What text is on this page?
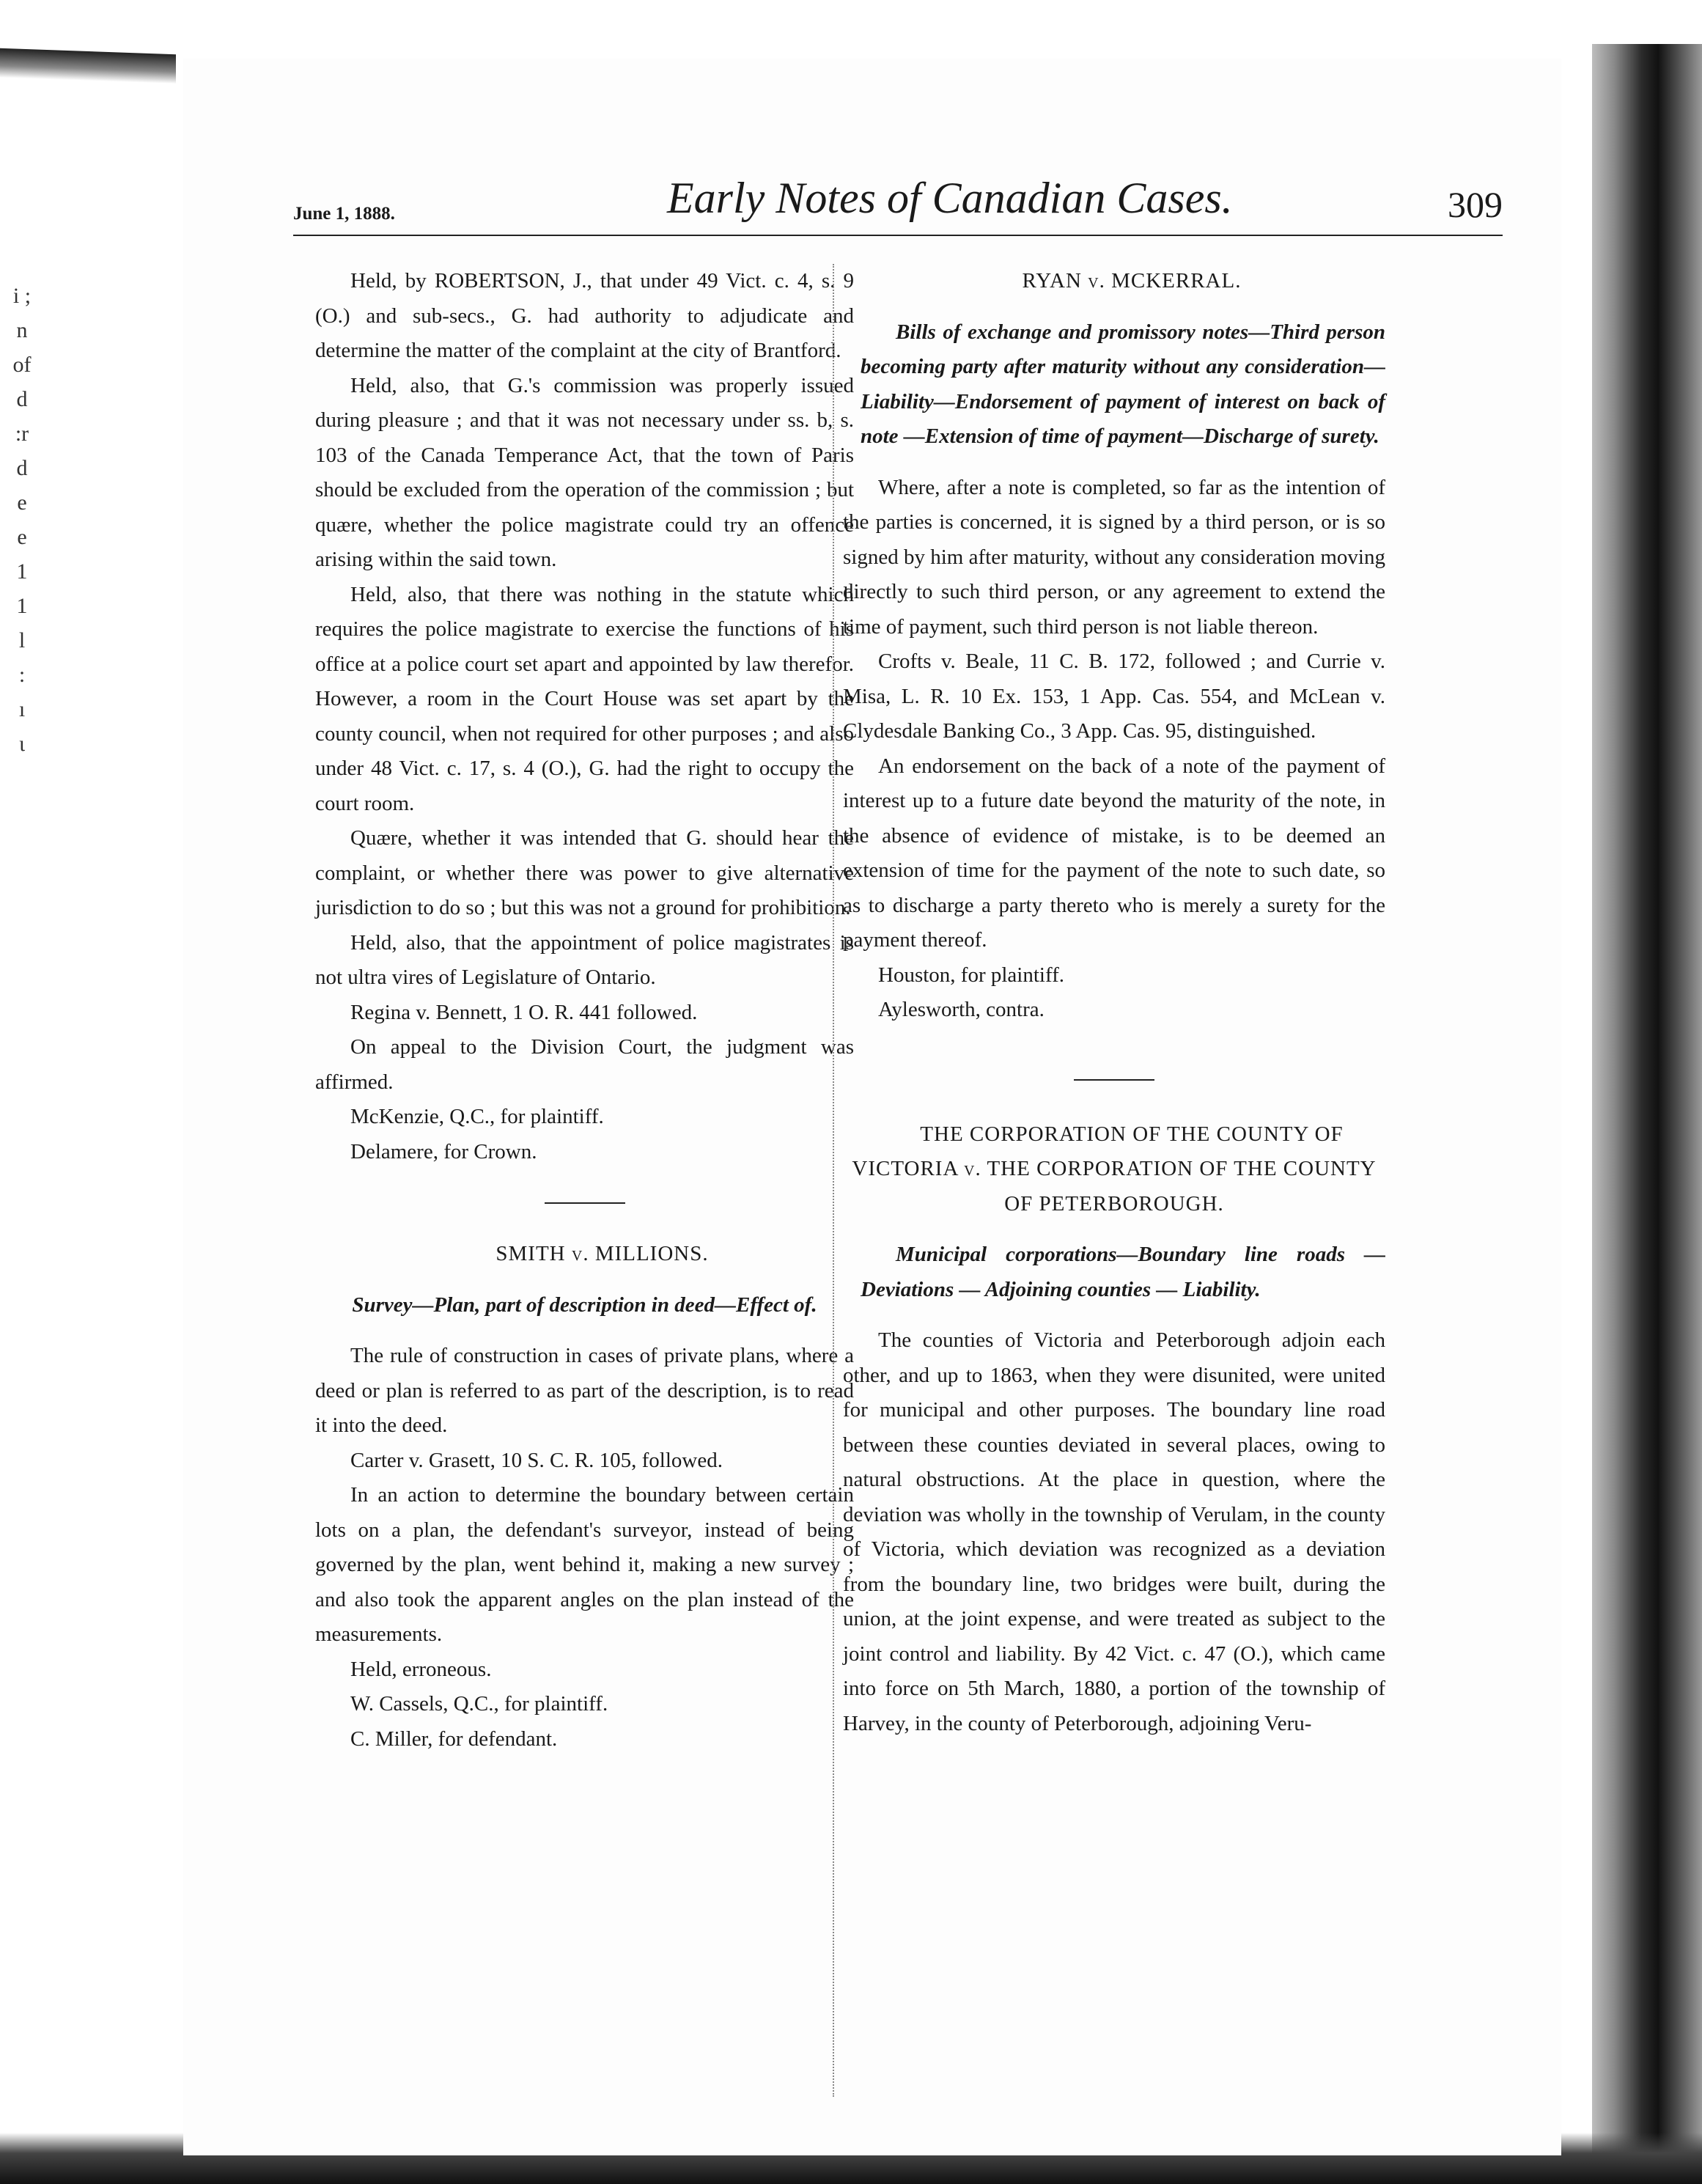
i ;
n
of
d
:r
d
e
e
1
1
l
:
ı
ι
June 1, 1888.	Early Notes of Canadian Cases.	309

Held, by ROBERTSON, J., that under 49 Vict. c. 4, s. 9 (O.) and sub-secs., G. had authority to adjudicate and determine the matter of the complaint at the city of Brantford.

Held, also, that G.'s commission was properly issued during pleasure ; and that it was not necessary under ss. b, s. 103 of the Canada Temperance Act, that the town of Paris should be excluded from the operation of the commission ; but quære, whether the police magistrate could try an offence arising within the said town.

Held, also, that there was nothing in the statute which requires the police magistrate to exercise the functions of his office at a police court set apart and appointed by law therefor. However, a room in the Court House was set apart by the county council, when not required for other purposes ; and also under 48 Vict. c. 17, s. 4 (O.), G. had the right to occupy the court room.

Quære, whether it was intended that G. should hear the complaint, or whether there was power to give alternative jurisdiction to do so ; but this was not a ground for prohibition.

Held, also, that the appointment of police magistrates is not ultra vires of Legislature of Ontario.

Regina v. Bennett, 1 O. R. 441 followed.

On appeal to the Division Court, the judgment was affirmed.

McKenzie, Q.C., for plaintiff.

Delamere, for Crown.

SMITH v. MILLIONS.

Survey—Plan, part of description in deed—Effect of.

The rule of construction in cases of private plans, where a deed or plan is referred to as part of the description, is to read it into the deed.

Carter v. Grasett, 10 S. C. R. 105, followed.

In an action to determine the boundary between certain lots on a plan, the defendant's surveyor, instead of being governed by the plan, went behind it, making a new survey ; and also took the apparent angles on the plan instead of the measurements.

Held, erroneous.

W. Cassels, Q.C., for plaintiff.

C. Miller, for defendant.

RYAN v. MCKERRAL.

Bills of exchange and promissory notes—Third person becoming party after maturity without any consideration—Liability—Endorsement of payment of interest on back of note —Extension of time of payment—Discharge of surety.

Where, after a note is completed, so far as the intention of the parties is concerned, it is signed by a third person, or is so signed by him after maturity, without any consideration moving directly to such third person, or any agreement to extend the time of payment, such third person is not liable thereon.

Crofts v. Beale, 11 C. B. 172, followed ; and Currie v. Misa, L. R. 10 Ex. 153, 1 App. Cas. 554, and McLean v. Clydesdale Banking Co., 3 App. Cas. 95, distinguished.

An endorsement on the back of a note of the payment of interest up to a future date beyond the maturity of the note, in the absence of evidence of mistake, is to be deemed an extension of time for the payment of the note to such date, so as to discharge a party thereto who is merely a surety for the payment thereof.

Houston, for plaintiff.

Aylesworth, contra.

THE CORPORATION OF THE COUNTY OF VICTORIA v. THE CORPORATION OF THE COUNTY OF PETERBOROUGH.

Municipal corporations—Boundary line roads — Deviations — Adjoining counties — Liability.

The counties of Victoria and Peterborough adjoin each other, and up to 1863, when they were disunited, were united for municipal and other purposes. The boundary line road between these counties deviated in several places, owing to natural obstructions. At the place in question, where the deviation was wholly in the township of Verulam, in the county of Victoria, which deviation was recognized as a deviation from the boundary line, two bridges were built, during the union, at the joint expense, and were treated as subject to the joint control and liability. By 42 Vict. c. 47 (O.), which came into force on 5th March, 1880, a portion of the township of Harvey, in the county of Peterborough, adjoining Veru-
